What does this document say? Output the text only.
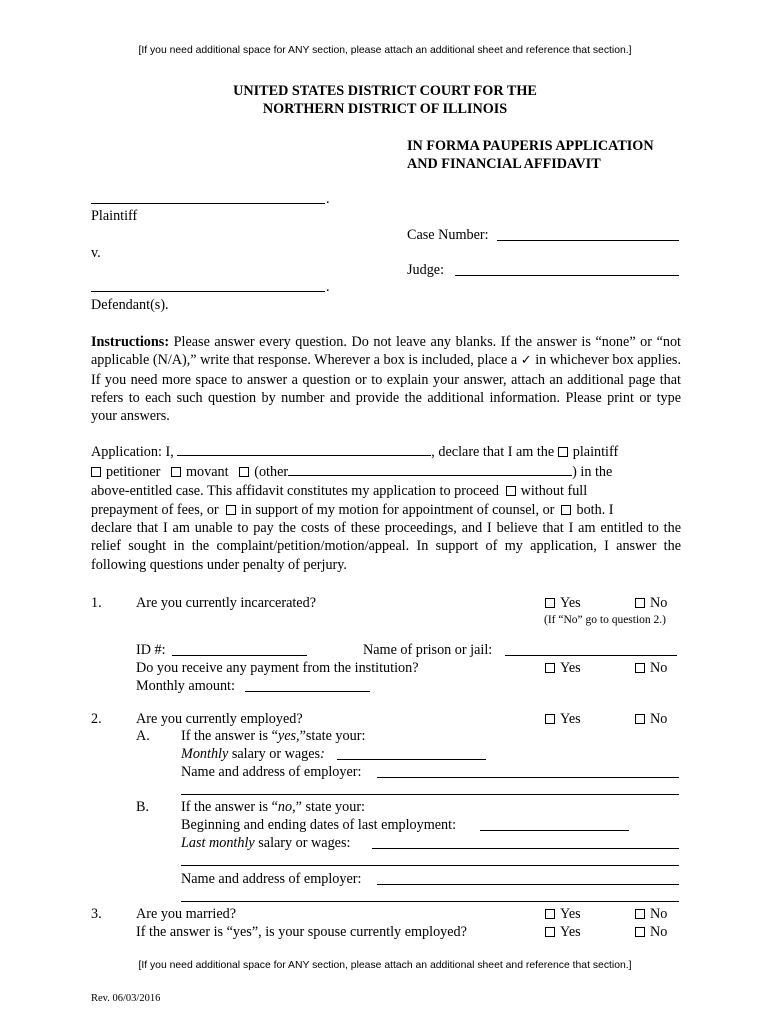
[If you need additional space for ANY section, please attach an additional sheet and reference that section.]
UNITED STATES DISTRICT COURT FOR THE
NORTHERN DISTRICT OF ILLINOIS
IN FORMA PAUPERIS APPLICATION
AND FINANCIAL AFFIDAVIT
.
Plaintiff
v.
.
Defendant(s).
Case Number:
Judge:

Instructions: Please answer every question. Do not leave any blanks. If the answer is “none” or “not applicable (N/A),” write that response. Wherever a box is included, place a ✓ in whichever box applies. If you need more space to answer a question or to explain your answer, attach an additional page that refers to each such question by number and provide the additional information. Please print or type your answers.

Application: I,	, declare that I am the plaintiff
petitioner movant (other	) in the
above-entitled case. This affidavit constitutes my application to proceed without full
prepayment of fees, or in support of my motion for appointment of counsel, or both. I

declare that I am unable to pay the costs of these proceedings, and I believe that I am entitled to the relief sought in the complaint/petition/motion/appeal. In support of my application, I answer the following questions under penalty of perjury.

1. Are you currently incarcerated?	Yes	No
(If “No” go to question 2.)
ID #:	Name of prison or jail:
Do you receive any payment from the institution?	Yes	No
Monthly amount:
2. Are you currently employed?	Yes	No
A. If the answer is “yes,”state your:
Monthly salary or wages:
Name and address of employer:
B. If the answer is “no,” state your:
Beginning and ending dates of last employment:
Last monthly salary or wages:
Name and address of employer:
3. Are you married?	Yes	No
If the answer is “yes”, is your spouse currently employed?	Yes	No
[If you need additional space for ANY section, please attach an additional sheet and reference that section.]
Rev. 06/03/2016
